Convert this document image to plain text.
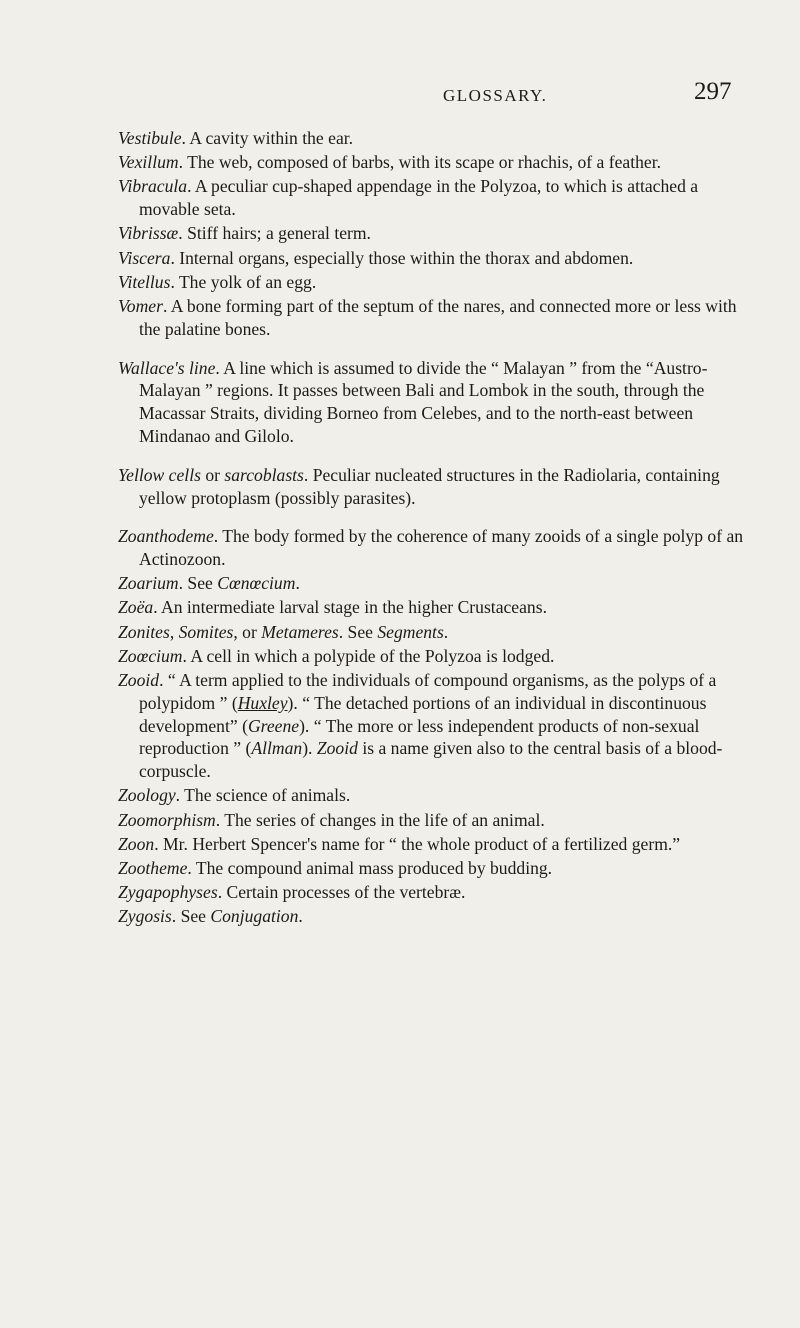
GLOSSARY.	297

Vestibule. A cavity within the ear.

Vexillum. The web, composed of barbs, with its scape or rhachis, of a feather.

Vibracula. A peculiar cup-shaped appendage in the Polyzoa, to which is attached a movable seta.

Vibrissæ. Stiff hairs; a general term.

Viscera. Internal organs, especially those within the thorax and abdomen.

Vitellus. The yolk of an egg.

Vomer. A bone forming part of the septum of the nares, and connected more or less with the palatine bones.

Wallace's line. A line which is assumed to divide the “ Malayan ” from the “Austro-Malayan ” regions. It passes between Bali and Lombok in the south, through the Macassar Straits, dividing Borneo from Celebes, and to the north-east between Mindanao and Gilolo.

Yellow cells or sarcoblasts. Peculiar nucleated structures in the Radiolaria, containing yellow protoplasm (possibly parasites).

Zoanthodeme. The body formed by the coherence of many zooids of a single polyp of an Actinozoon.

Zoarium. See Cœnœcium.

Zoëa. An intermediate larval stage in the higher Crustaceans.

Zonites, Somites, or Metameres. See Segments.

Zoœcium. A cell in which a polypide of the Polyzoa is lodged.

Zooid. “ A term applied to the individuals of compound organisms, as the polyps of a polypidom ” (Huxley). “ The detached portions of an individual in discontinuous development” (Greene). “ The more or less independent products of non-sexual reproduction ” (Allman). Zooid is a name given also to the central basis of a blood-corpuscle.

Zoology. The science of animals.

Zoomorphism. The series of changes in the life of an animal.

Zoon. Mr. Herbert Spencer's name for “ the whole product of a fertilized germ.”

Zootheme. The compound animal mass produced by budding.

Zygapophyses. Certain processes of the vertebræ.

Zygosis. See Conjugation.
